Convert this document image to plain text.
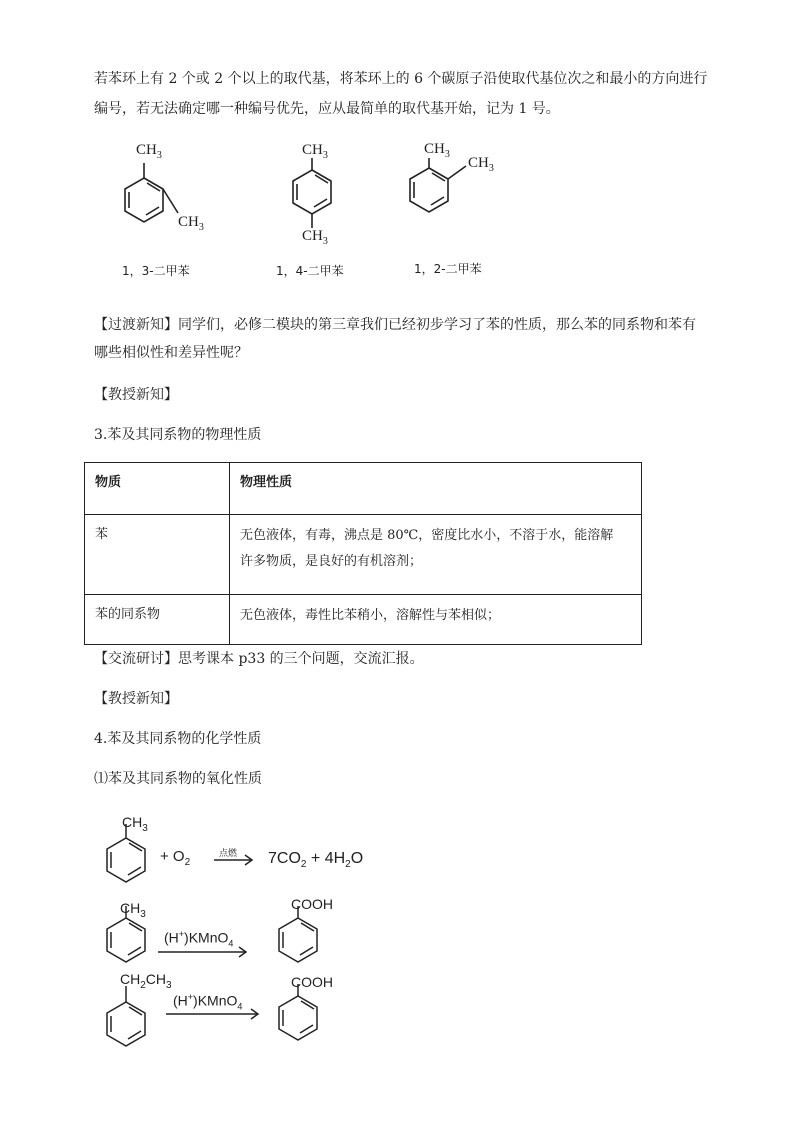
若苯环上有 2 个或 2 个以上的取代基，将苯环上的 6 个碳原子沿使取代基位次之和最小的方向进行
编号，若无法确定哪一种编号优先，应从最简单的取代基开始，记为 1 号。
$CH_3$
$CH_3$
$CH_3$
$CH_3$
$CH_3$
$CH_3$
1，3-二甲苯	1，4-二甲苯	1，2-二甲苯
【过渡新知】同学们，必修二模块的第三章我们已经初步学习了苯的性质，那么苯的同系物和苯有
哪些相似性和差异性呢？
【教授新知】
3.苯及其同系物的物理性质
物质	物理性质
苯	无色液体，有毒，沸点是 80℃，密度比水小，不溶于水，能溶解
许多物质，是良好的有机溶剂；

苯的同系物	无色液体，毒性比苯稍小，溶解性与苯相似；
【交流研讨】思考课本 p33 的三个问题，交流汇报。
【教授新知】
4.苯及其同系物的化学性质
⑴苯及其同系物的氧化性质
$CH_3$
+ $O_2$
点燃 $7CO_2 + 4H_2O$
$CH_3$
(H+)KMnO$_4$
COOH
$CH_2CH_3$
(H+)KMnO$_4$
COOH
